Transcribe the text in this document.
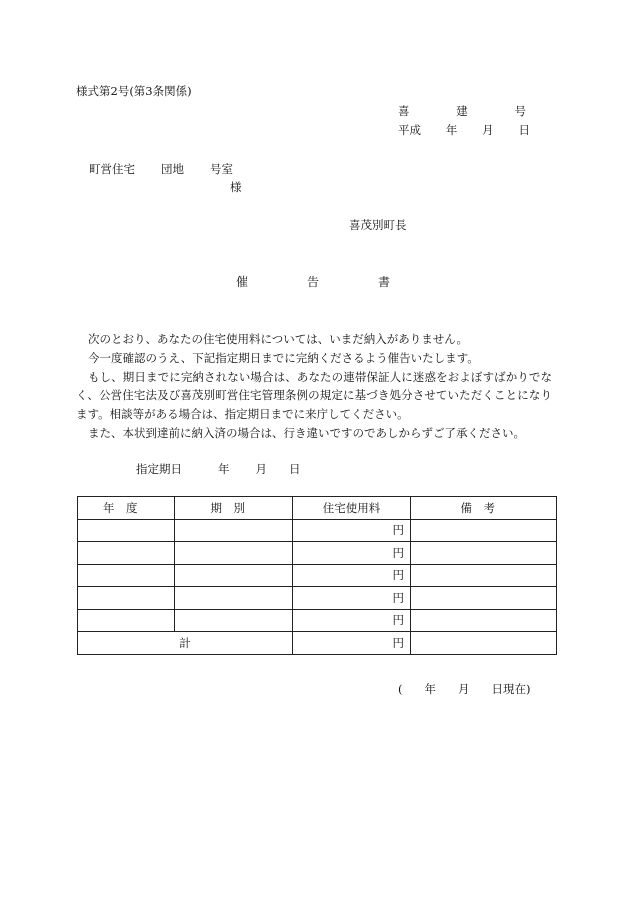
様式第2号(第3条関係)
喜	建	号
平成 年 月 日
町営住宅 団地 号室
様
喜茂別町長
催	告	書

次のとおり、あなたの住宅使用料については、いまだ納入がありません。

今一度確認のうえ、下記指定期日までに完納くださるよう催告いたします。

もし、期日までに完納されない場合は、あなたの連帯保証人に迷惑をおよぼすばかりでなく、公営住宅法及び喜茂別町営住宅管理条例の規定に基づき処分させていただくことになります。相談等がある場合は、指定期日までに来庁してください。

また、本状到達前に納入済の場合は、行き違いですのであしからずご了承ください。

指定期日	年 月 日
年度	期別	住宅使用料	備考
		円	
		円	
		円	
		円	
		円	
計		円	
( 年 月 日現在)
